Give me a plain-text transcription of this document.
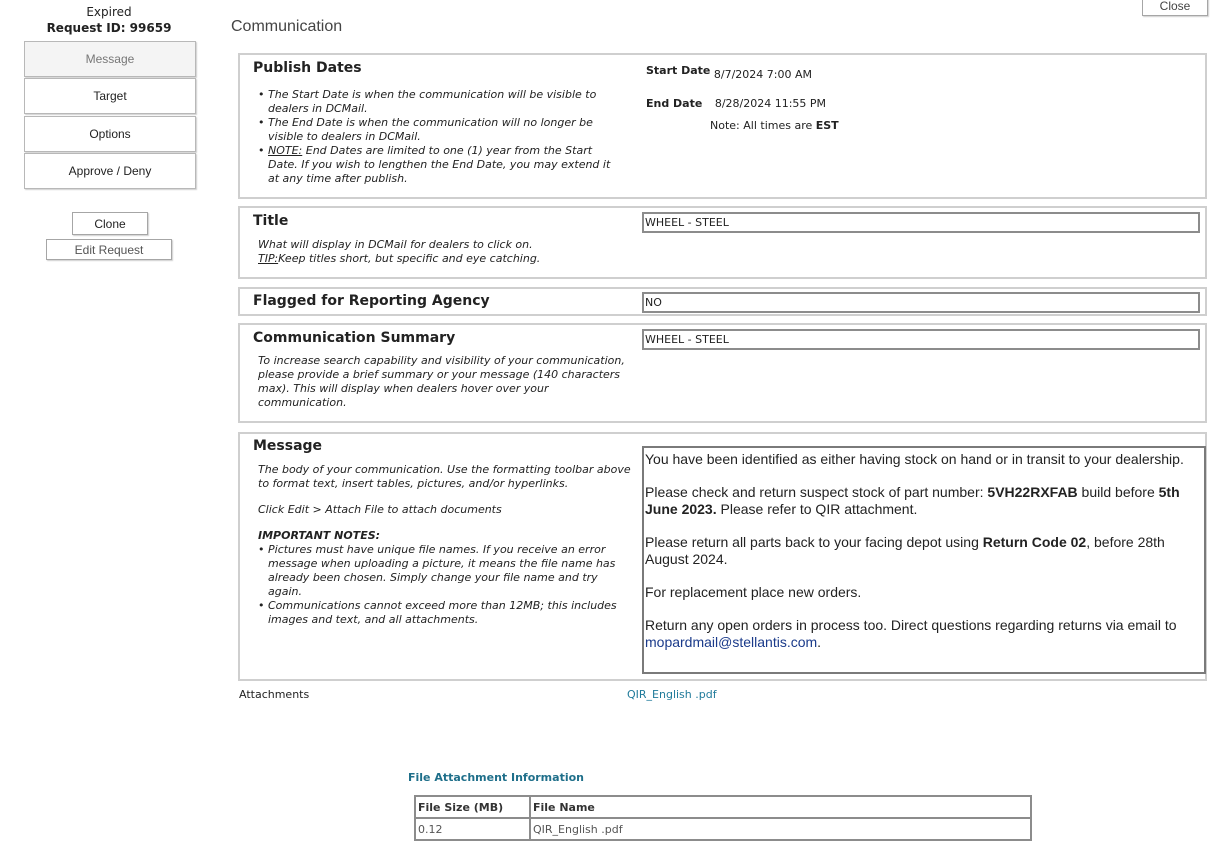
Expired
Request ID: 99659
Message
Target
Options
Approve / Deny
Clone
Edit Request
Close
Communication
Publish Dates
• The Start Date is when the communication will be visible to dealers in DCMail.
• The End Date is when the communication will no longer be visible to dealers in DCMail.
• NOTE: End Dates are limited to one (1) year from the Start Date. If you wish to lengthen the End Date, you may extend it at any time after publish.
Start Date 8/7/2024 7:00 AM
End Date 8/28/2024 11:55 PM
Note: All times are EST
Title
What will display in DCMail for dealers to click on.
TIP:Keep titles short, but specific and eye catching.
WHEEL - STEEL
Flagged for Reporting Agency	NO
Communication Summary
To increase search capability and visibility of your communication, please provide a brief summary or your message (140 characters max). This will display when dealers hover over your communication.
WHEEL - STEEL
Message
The body of your communication. Use the formatting toolbar above to format text, insert tables, pictures, and/or hyperlinks.
Click Edit > Attach File to attach documents
IMPORTANT NOTES:
• Pictures must have unique file names. If you receive an error message when uploading a picture, it means the file name has already been chosen. Simply change your file name and try again.
• Communications cannot exceed more than 12MB; this includes images and text, and all attachments.

You have been identified as either having stock on hand or in transit to your dealership.

Please check and return suspect stock of part number: 5VH22RXFAB build before 5th June 2023. Please refer to QIR attachment.

Please return all parts back to your facing depot using Return Code 02, before 28th August 2024.

For replacement place new orders.

Return any open orders in process too. Direct questions regarding returns via email to mopardmail@stellantis.com.

Attachments	QIR_English .pdf
File Attachment Information
File Size (MB)	File Name
0.12	QIR_English .pdf
